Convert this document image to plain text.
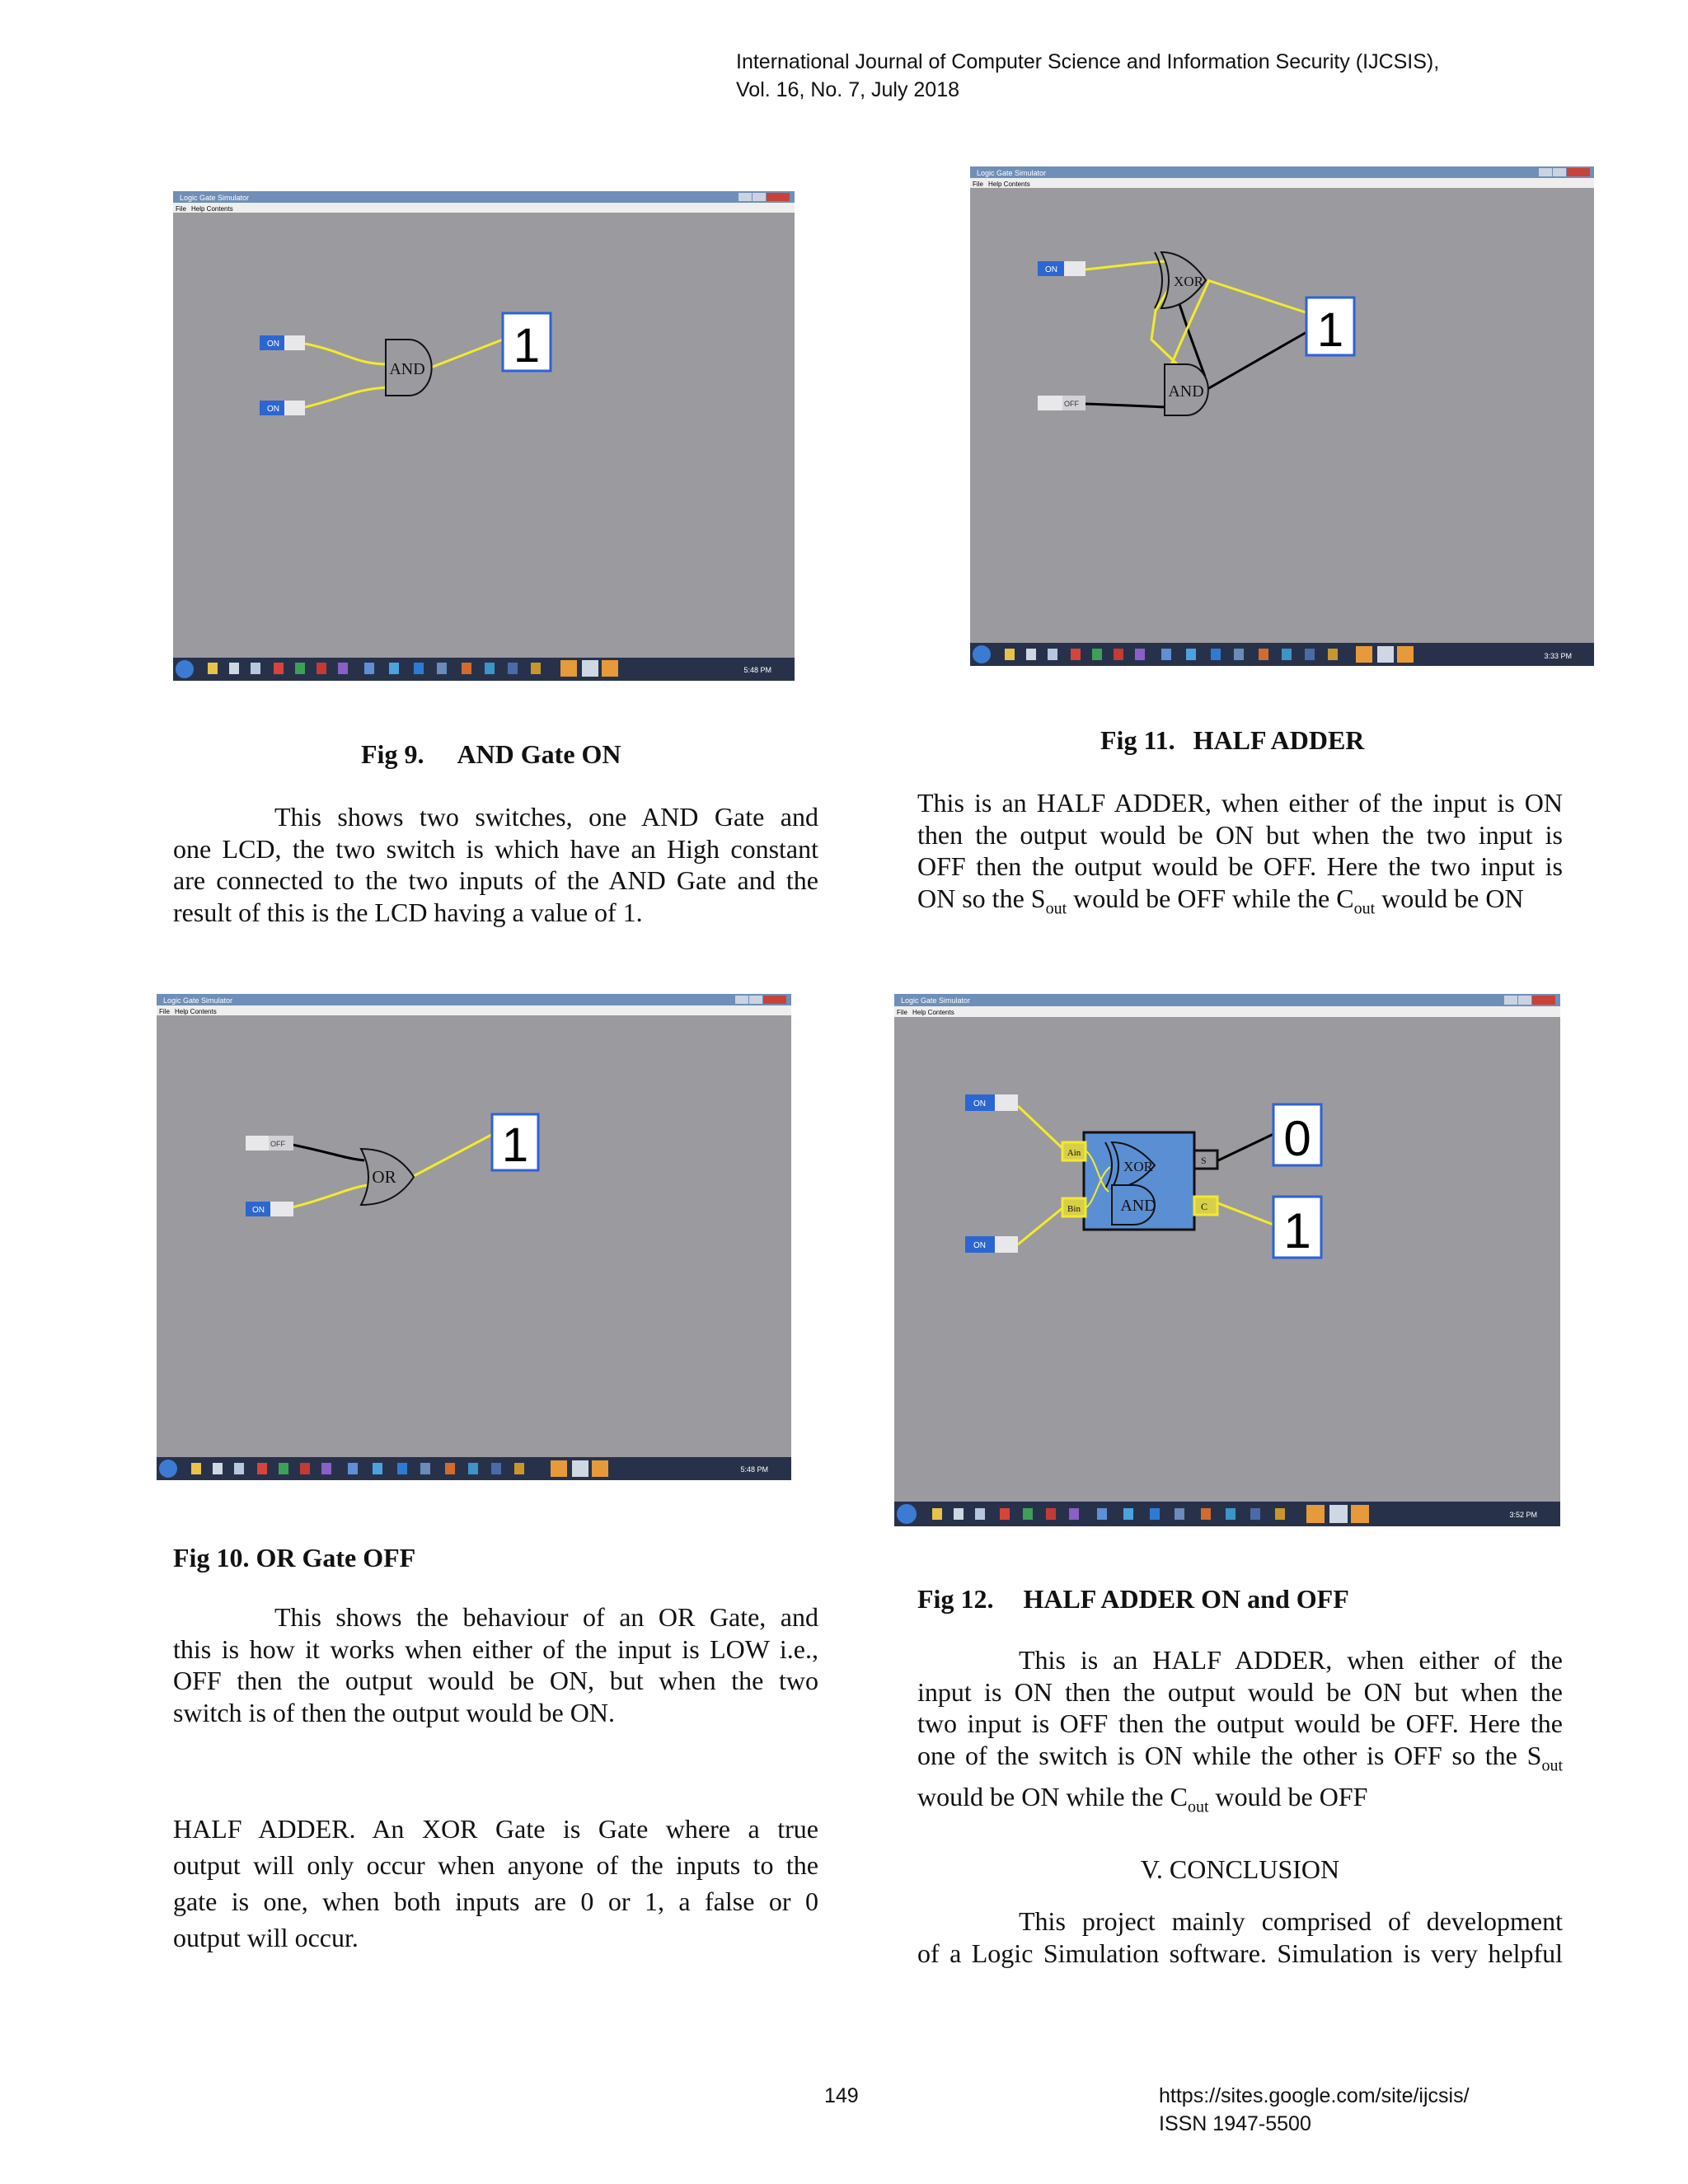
International Journal of Computer Science and Information Security (IJCSIS),
Vol. 16, No. 7, July 2018
Logic Gate Simulator
File Help Contents
ON
ON
AND 1
5:48 PM
Logic Gate Simulator
File Help Contents
ON
OFF
XOR
AND
1
3:33 PM
Fig 9. AND Gate ON
This shows two switches, one AND Gate and
one LCD, the two switch is which have an High constant
are connected to the two inputs of the AND Gate and the
result of this is the LCD having a value of 1.
Fig 11. HALF ADDER
This is an HALF ADDER, when either of the input is ON
then the output would be ON but when the two input is
OFF then the output would be OFF. Here the two input is
ON so the $S_{out}$ would be OFF while the $C_{out}$ would be ON
Logic Gate Simulator
File Help Contents
OFF
ON
OR
1
5:48 PM
Logic Gate Simulator
File Help Contents
ON
ON
Ain
Bin
S
C
XOR
AND
0
1
3:52 PM
Fig 10. OR Gate OFF
This shows the behaviour of an OR Gate, and
this is how it works when either of the input is LOW i.e.,
OFF then the output would be ON, but when the two
switch is of then the output would be ON.
HALF ADDER. An XOR Gate is Gate where a true
output will only occur when anyone of the inputs to the
gate is one, when both inputs are 0 or 1, a false or 0
output will occur.
Fig 12. HALF ADDER ON and OFF
This is an HALF ADDER, when either of the
input is ON then the output would be ON but when the
two input is OFF then the output would be OFF. Here the
one of the switch is ON while the other is OFF so the $S_{out}$
would be ON while the $C_{out}$ would be OFF
V. CONCLUSION
This project mainly comprised of development
of a Logic Simulation software. Simulation is very helpful
149	https://sites.google.com/site/ijcsis/
ISSN 1947-5500
